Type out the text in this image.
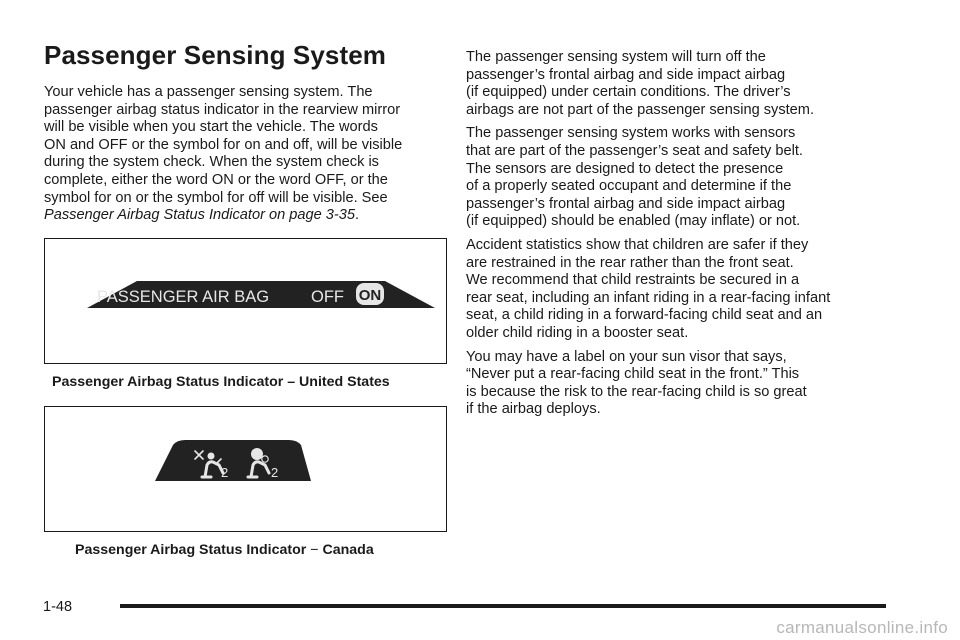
Passenger Sensing System

Your vehicle has a passenger sensing system. The
passenger airbag status indicator in the rearview mirror
will be visible when you start the vehicle. The words
ON and OFF or the symbol for on and off, will be visible
during the system check. When the system check is
complete, either the word ON or the word OFF, or the
symbol for on or the symbol for off will be visible. See
Passenger Airbag Status Indicator on page 3-35.

PASSENGER AIR BAG	OFF ON
Passenger Airbag Status Indicator – United States
2	2
Passenger Airbag Status Indicator − Canada

The passenger sensing system will turn off the
passenger’s frontal airbag and side impact airbag
(if equipped) under certain conditions. The driver’s
airbags are not part of the passenger sensing system.

The passenger sensing system works with sensors
that are part of the passenger’s seat and safety belt.
The sensors are designed to detect the presence
of a properly seated occupant and determine if the
passenger’s frontal airbag and side impact airbag
(if equipped) should be enabled (may inflate) or not.

Accident statistics show that children are safer if they
are restrained in the rear rather than the front seat.
We recommend that child restraints be secured in a
rear seat, including an infant riding in a rear-facing infant
seat, a child riding in a forward-facing child seat and an
older child riding in a booster seat.

You may have a label on your sun visor that says,
“Never put a rear-facing child seat in the front.” This
is because the risk to the rear-facing child is so great
if the airbag deploys.

1-48
carmanualsonline.info
